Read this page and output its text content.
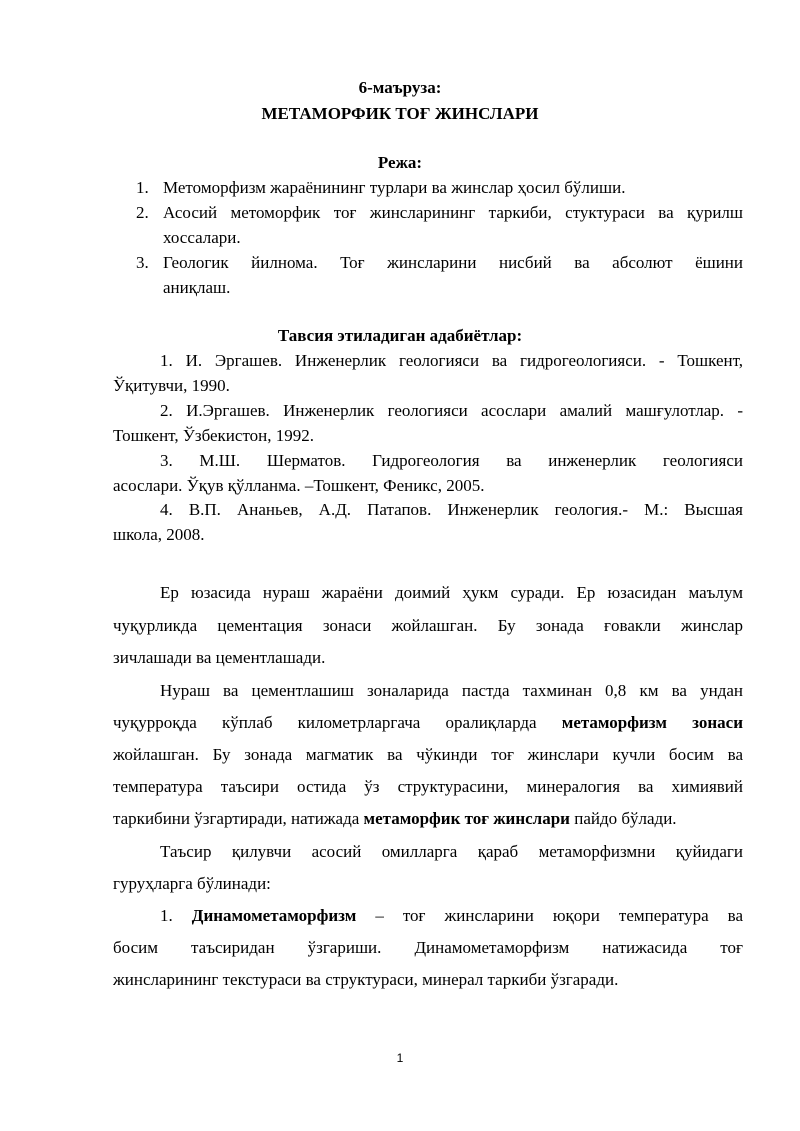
6-маъруза:
МЕТАМОРФИК ТОҒ ЖИНСЛАРИ
Режа:
1. Метоморфизм жараёнининг турлари ва жинслар ҳосил бўлиши.
2. Асосий метоморфик тоғ жинсларининг таркиби, стуктураси ва қурилш
хоссалари.
3. Геологик йилнома. Тоғ жинсларини нисбий ва абсолют ёшини
аниқлаш.
Тавсия этиладиган адабиётлар:
1. И. Эргашев. Инженерлик геологияси ва гидрогеологияси. - Тошкент,
Ўқитувчи, 1990.
2. И.Эргашев. Инженерлик геологияси асослари амалий машғулотлар. -
Тошкент, Ўзбекистон, 1992.
3. М.Ш. Шерматов. Гидрогеология ва инженерлик геологияси
асослари. Ўқув қўлланма. –Тошкент, Феникс, 2005.
4. В.П. Ананьев, А.Д. Патапов. Инженерлик геология.- М.: Высшая
школа, 2008.
Ер юзасида нураш жараёни доимий ҳукм суради. Ер юзасидан маълум
чуқурликда цементация зонаси жойлашган. Бу зонада ғовакли жинслар
зичлашади ва цементлашади.
Нураш ва цементлашиш зоналарида пастда тахминан 0,8 км ва ундан
чуқурроқда кўплаб километрларгача оралиқларда метаморфизм зонаси
жойлашган. Бу зонада магматик ва чўкинди тоғ жинслари кучли босим ва
температура таъсири остида ўз структурасини, минералогия ва химиявий
таркибини ўзгартиради, натижада метаморфик тоғ жинслари пайдо бўлади.
Таъсир қилувчи асосий омилларга қараб метаморфизмни қуйидаги
гуруҳларга бўлинади:
1. Динамометаморфизм – тоғ жинсларини юқори температура ва
босим таъсиридан ўзгариши. Динамометаморфизм натижасида тоғ
жинсларининг текстураси ва структураси, минерал таркиби ўзгаради.
1
